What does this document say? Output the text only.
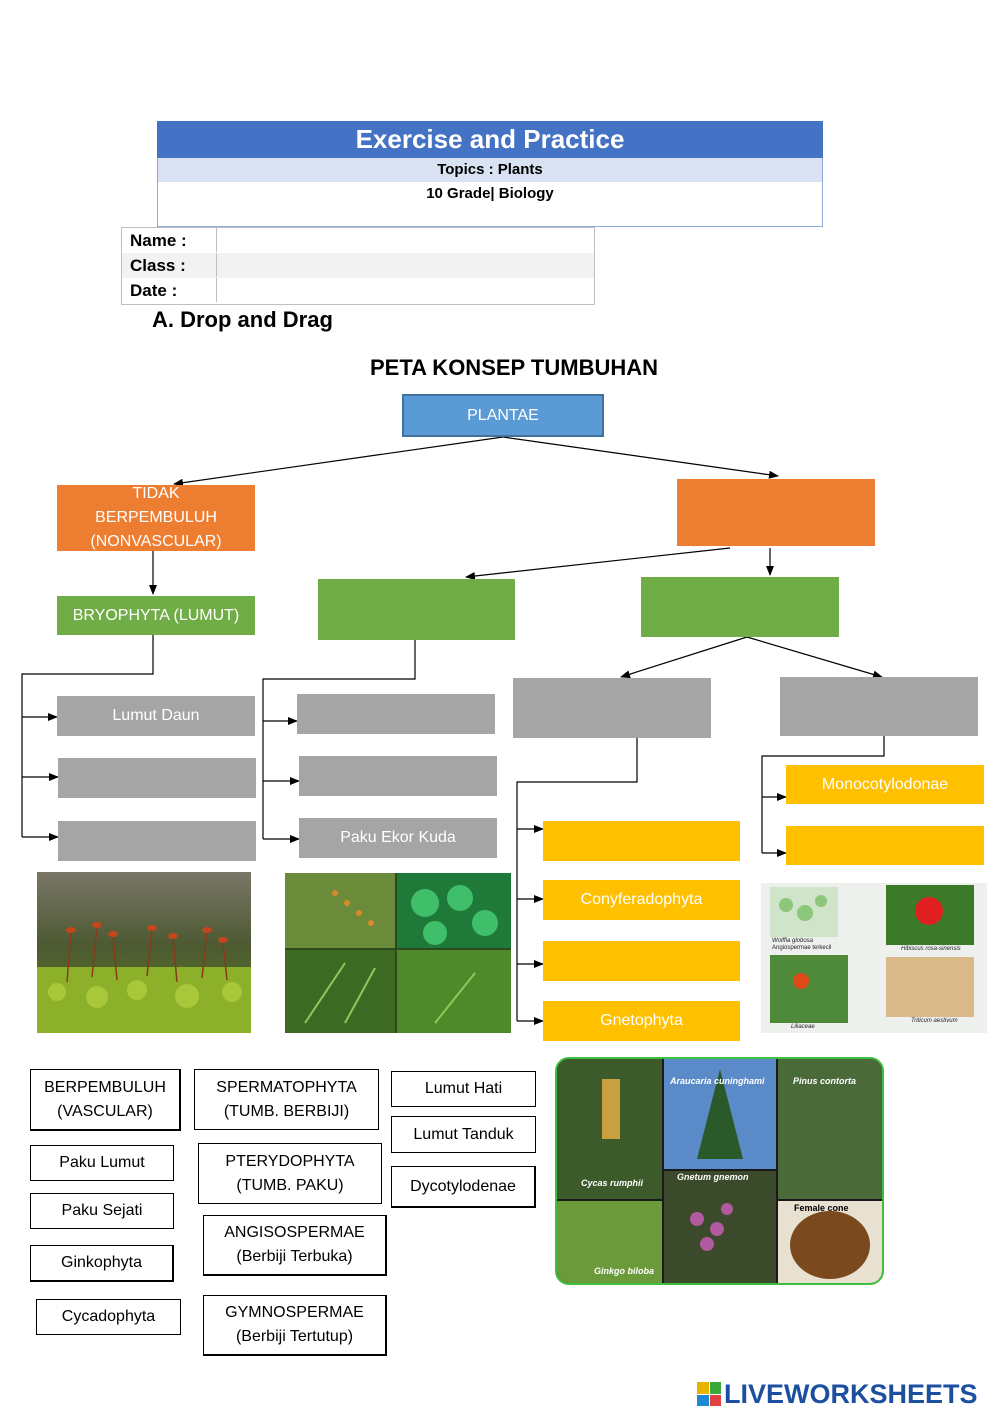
Exercise and Practice
Topics : Plants
10 Grade| Biology
Name :
Class :
Date :
A. Drop and Drag
PETA KONSEP TUMBUHAN
PLANTAE
TIDAK BERPEMBULUH (NONVASCULAR)
BRYOPHYTA (LUMUT)
Lumut Daun
Paku Ekor Kuda
Conyferadophyta
Gnetophyta
Monocotylodonae
Wolffia globosa
Angiospermae terkecil	Hibiscus rosa-sinensis
Liliaceae
Triticum aestivum
Araucaria cuninghami	Pinus contorta
Cycas rumphii
Gnetum gnemon
Female cone
Ginkgo biloba
BERPEMBULUH (VASCULAR)
SPERMATOPHYTA (TUMB. BERBIJI)
Lumut Hati
Paku Lumut	PTERYDOPHYTA (TUMB. PAKU)
Lumut Tanduk
Paku Sejati
Dycotylodenae
ANGISOSPERMAE (Berbiji Terbuka)
Ginkophyta
Cycadophyta	GYMNOSPERMAE (Berbiji Tertutup)
LIVEWORKSHEETS
